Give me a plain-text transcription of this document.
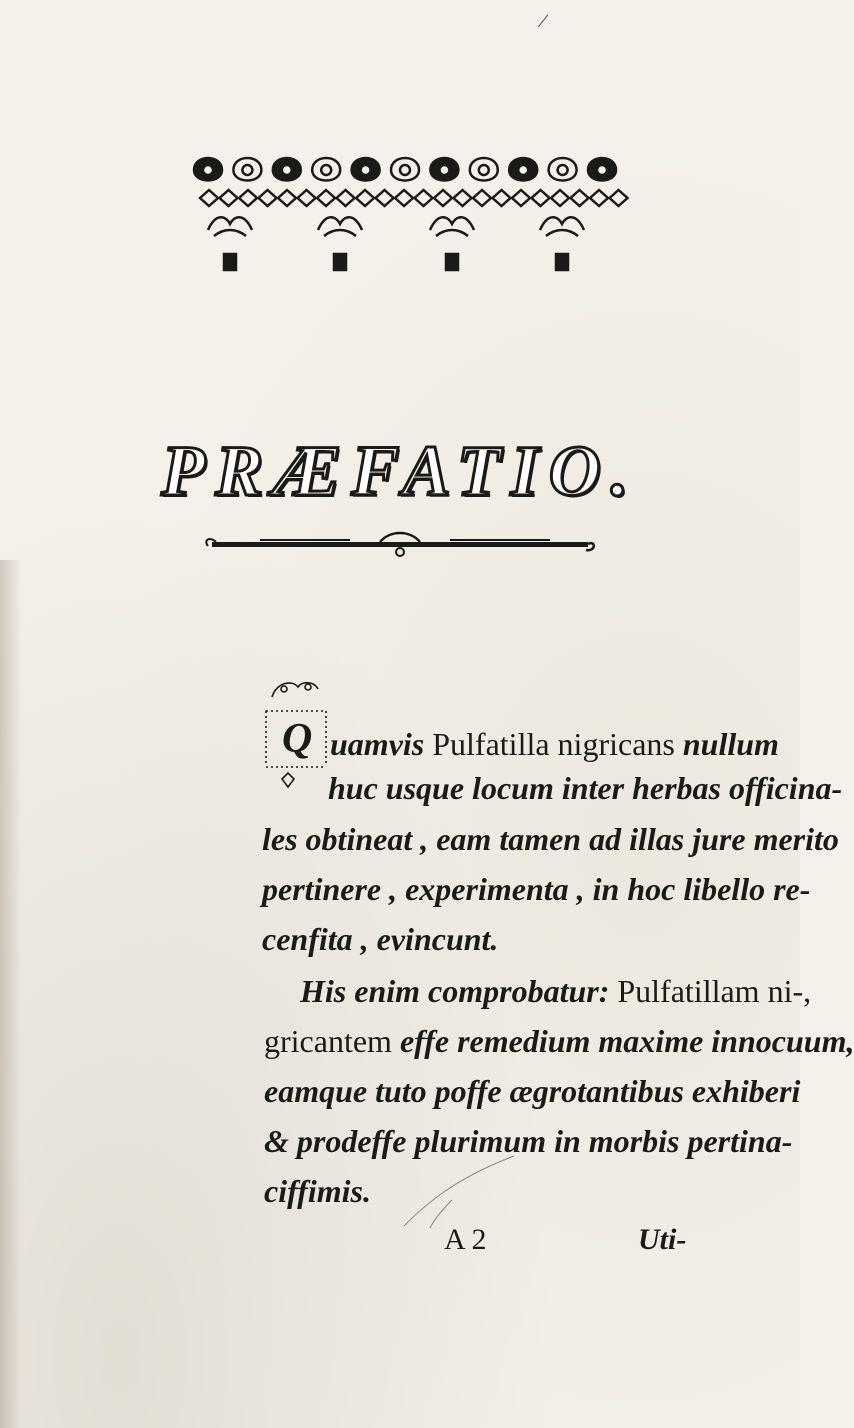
/
PRÆFATIO.
Q uamvis Pulfatilla nigricans nullum
huc usque locum inter herbas officina-
les obtineat , eam tamen ad illas jure merito
pertinere , experimenta , in hoc libello re-
cenfita , evincunt.
His enim comprobatur: Pulfatillam ni-,
gricantem effe remedium maxime innocuum,
eamque tuto poffe ægrotantibus exhiberi
& prodeffe plurimum in morbis pertina-
ciffimis.
A 2	Uti-
